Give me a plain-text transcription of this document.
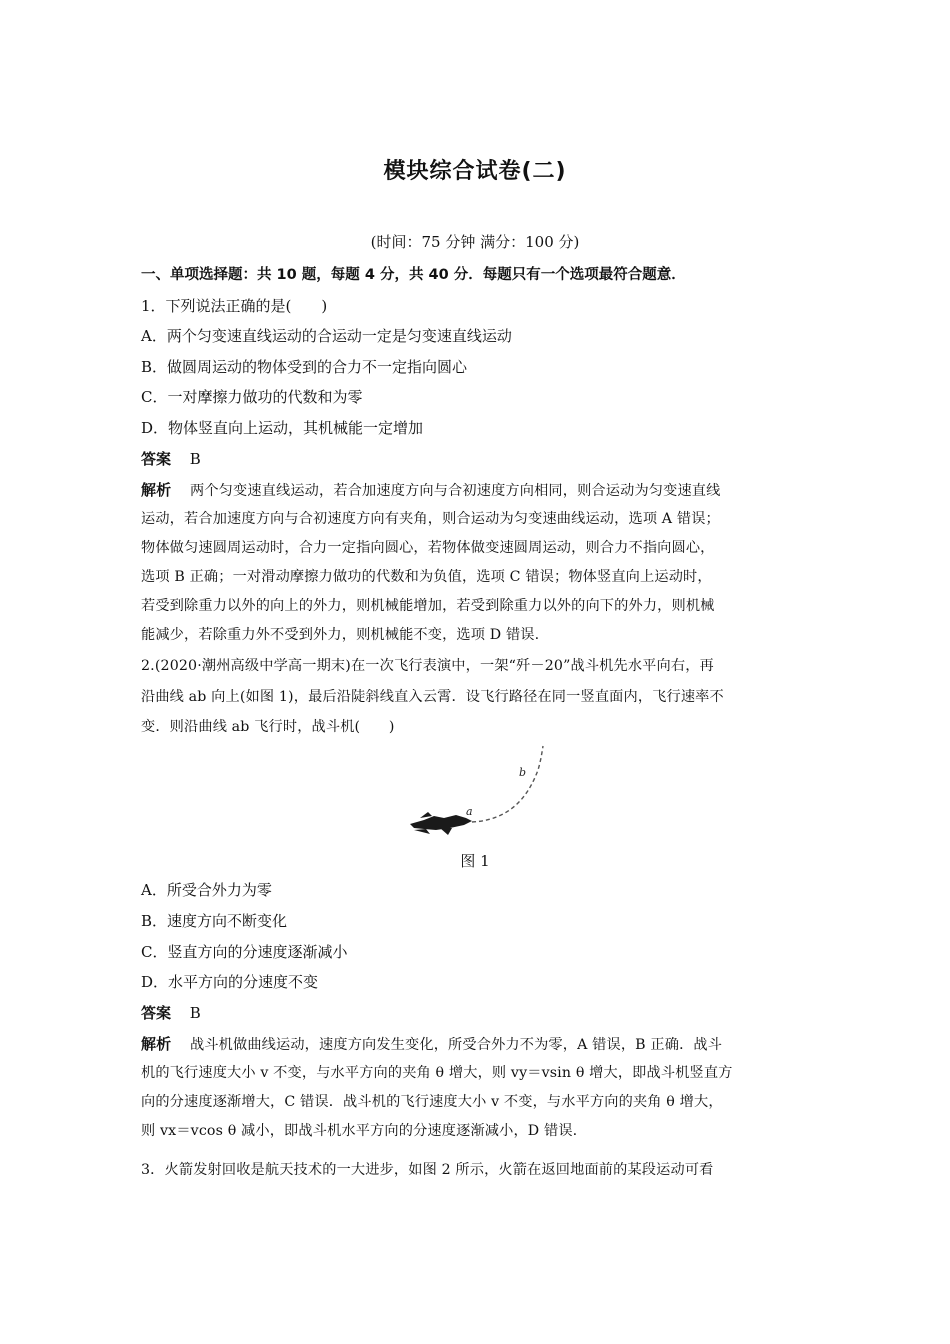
模块综合试卷(二)
(时间：75 分钟 满分：100 分)
一、单项选择题：共 10 题，每题 4 分，共 40 分．每题只有一个选项最符合题意．
1．下列说法正确的是(　　)
A．两个匀变速直线运动的合运动一定是匀变速直线运动
B．做圆周运动的物体受到的合力不一定指向圆心
C．一对摩擦力做功的代数和为零
D．物体竖直向上运动，其机械能一定增加
答案 B
解析 两个匀变速直线运动，若合加速度方向与合初速度方向相同，则合运动为匀变速直线
运动，若合加速度方向与合初速度方向有夹角，则合运动为匀变速曲线运动，选项 A 错误；
物体做匀速圆周运动时，合力一定指向圆心，若物体做变速圆周运动，则合力不指向圆心，
选项 B 正确；一对滑动摩擦力做功的代数和为负值，选项 C 错误；物体竖直向上运动时，
若受到除重力以外的向上的外力，则机械能增加，若受到除重力以外的向下的外力，则机械
能减少，若除重力外不受到外力，则机械能不变，选项 D 错误.
2.(2020·潮州高级中学高一期末)在一次飞行表演中，一架“歼－20”战斗机先水平向右，再
沿曲线 ab 向上(如图 1)，最后沿陡斜线直入云霄．设飞行路径在同一竖直面内，飞行速率不
变．则沿曲线 ab 飞行时，战斗机(　　)
a
b
图 1
A．所受合外力为零
B．速度方向不断变化
C．竖直方向的分速度逐渐减小
D．水平方向的分速度不变
答案 B
解析 战斗机做曲线运动，速度方向发生变化，所受合外力不为零，A 错误，B 正确．战斗
机的飞行速度大小 v 不变，与水平方向的夹角 θ 增大，则 vy＝vsin θ 增大，即战斗机竖直方
向的分速度逐渐增大，C 错误．战斗机的飞行速度大小 v 不变，与水平方向的夹角 θ 增大，
则 vx＝vcos θ 减小，即战斗机水平方向的分速度逐渐减小，D 错误.
3．火箭发射回收是航天技术的一大进步，如图 2 所示，火箭在返回地面前的某段运动可看
